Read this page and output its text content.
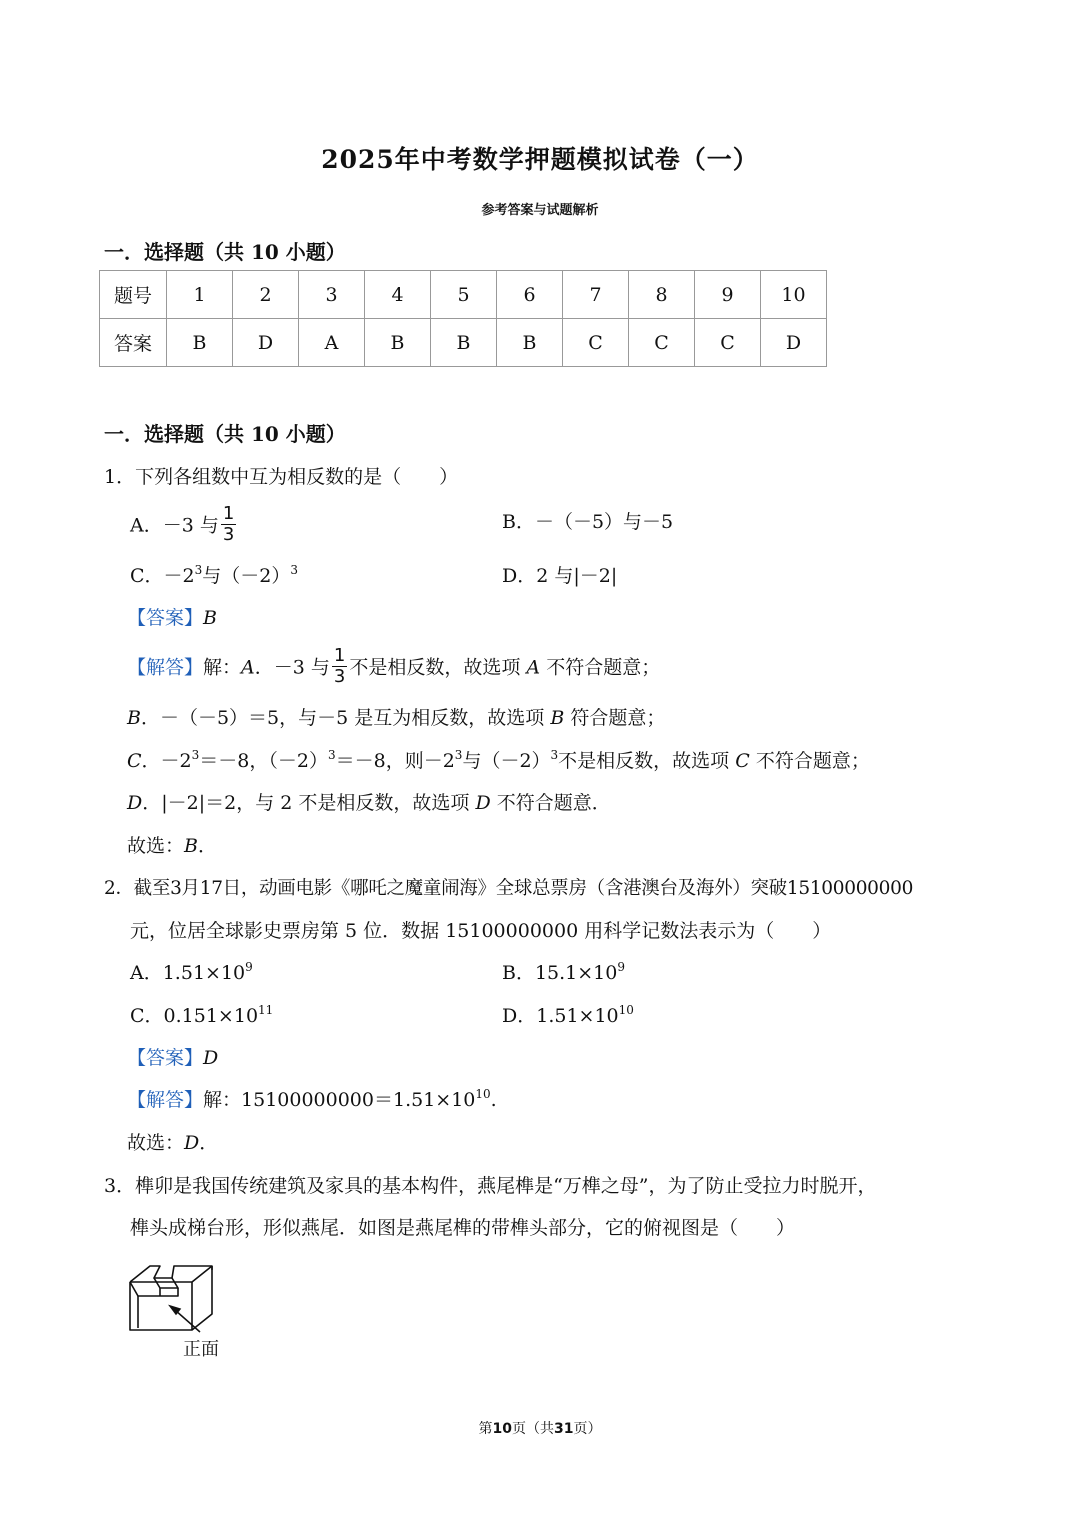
2025年中考数学押题模拟试卷（一）
参考答案与试题解析
一．选择题（共 10 小题）
题号	1	2	3	4	5	6	7	8	9	10
答案	B	D	A	B	B	B	C	C	C	D
一．选择题（共 10 小题）
1．下列各组数中互为相反数的是（　　）
A．－3 与 $\frac{1}{3}$	B．－（－5）与－5
C．$-2^3$与$(-2)^3$	D．2 与|－2|
【答案】B
【解答】解：A．－3 与 $\frac{1}{3}$ 不是相反数，故选项 A 不符合题意；
B．－（－5）＝5，与－5 是互为相反数，故选项 B 符合题意；
C．$-2^3=-8$，$(-2)^3=-8$，则$-2^3$与$(-2)^3$不是相反数，故选项 C 不符合题意；
D．|－2|＝2，与 2 不是相反数，故选项 D 不符合题意．
故选：B．
2．截至3月17日，动画电影《哪吒之魔童闹海》全球总票房（含港澳台及海外）突破15100000000
元，位居全球影史票房第 5 位．数据 15100000000 用科学记数法表示为（　　）
A．$1.51\times 10^9$	B．$15.1\times 10^9$
C．$0.151\times 10^{11}$	D．$1.51\times 10^{10}$
【答案】D
【解答】解：$15100000000=1.51\times 10^{10}$.
故选：D．
3．榫卯是我国传统建筑及家具的基本构件，燕尾榫是“万榫之母”，为了防止受拉力时脱开，
榫头成梯台形，形似燕尾．如图是燕尾榫的带榫头部分，它的俯视图是（　　）
正面
第10页（共31页）
